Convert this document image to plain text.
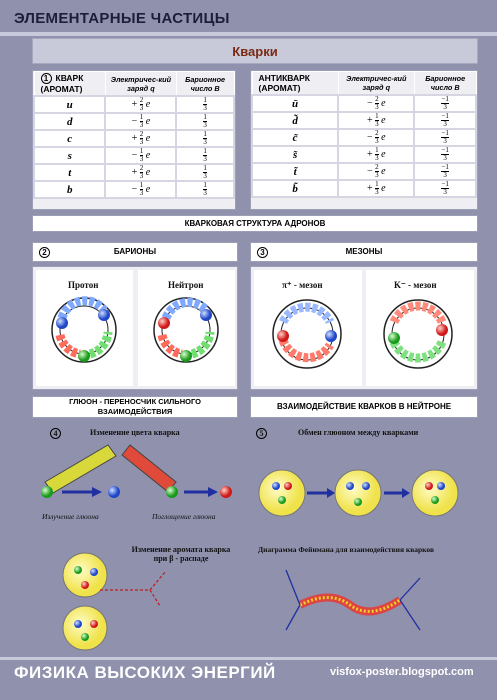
ЭЛЕМЕНТАРНЫЕ ЧАСТИЦЫ
Кварки
1 КВАРК (АРОМАТ)	Электричес-кий заряд q	Барионное число B
u	+ $\frac{2}{3}$ e	$\frac{1}{3}$

d	− $\frac{1}{3}$ e	$\frac{1}{3}$

c	+ $\frac{2}{3}$ e	$\frac{1}{3}$

s	− $\frac{1}{3}$ e	$\frac{1}{3}$

t	+ $\frac{2}{3}$ e	$\frac{1}{3}$

b	− $\frac{1}{3}$ e	$\frac{1}{3}$
АНТИКВАРК (АРОМАТ)	Электричес-кий заряд q	Барионное число B
ū	− $\frac{2}{3}$ e	$\frac{-1}{3}$

d̃	+ $\frac{1}{3}$ e	$\frac{-1}{3}$

c̃	− $\frac{2}{3}$ e	$\frac{-1}{3}$

s̃	+ $\frac{1}{3}$ e	$\frac{-1}{3}$

t̃	− $\frac{2}{3}$ e	$\frac{-1}{3}$

b̃	+ $\frac{1}{3}$ e	$\frac{-1}{3}$
КВАРКОВАЯ СТРУКТУРА АДРОНОВ
2	БАРИОНЫ	3	МЕЗОНЫ
Протон	Нейтрон	π⁺ - мезон	K⁻ - мезон
ГЛЮОН - ПЕРЕНОСЧИК СИЛЬНОГО ВЗАИМОДЕЙСТВИЯ
ВЗАИМОДЕЙСТВИЕ КВАРКОВ В НЕЙТРОНЕ
4	Изменение цвета кварка
Излучение глюона	Поглощение глюона
5	Обмен глюоном между кварками
Изменение аромата кварка при β - распаде
Диаграмма Фейнмана для взаимодействия кварков
ФИЗИКА ВЫСОКИХ ЭНЕРГИЙ	visfox-poster.blogspot.com
